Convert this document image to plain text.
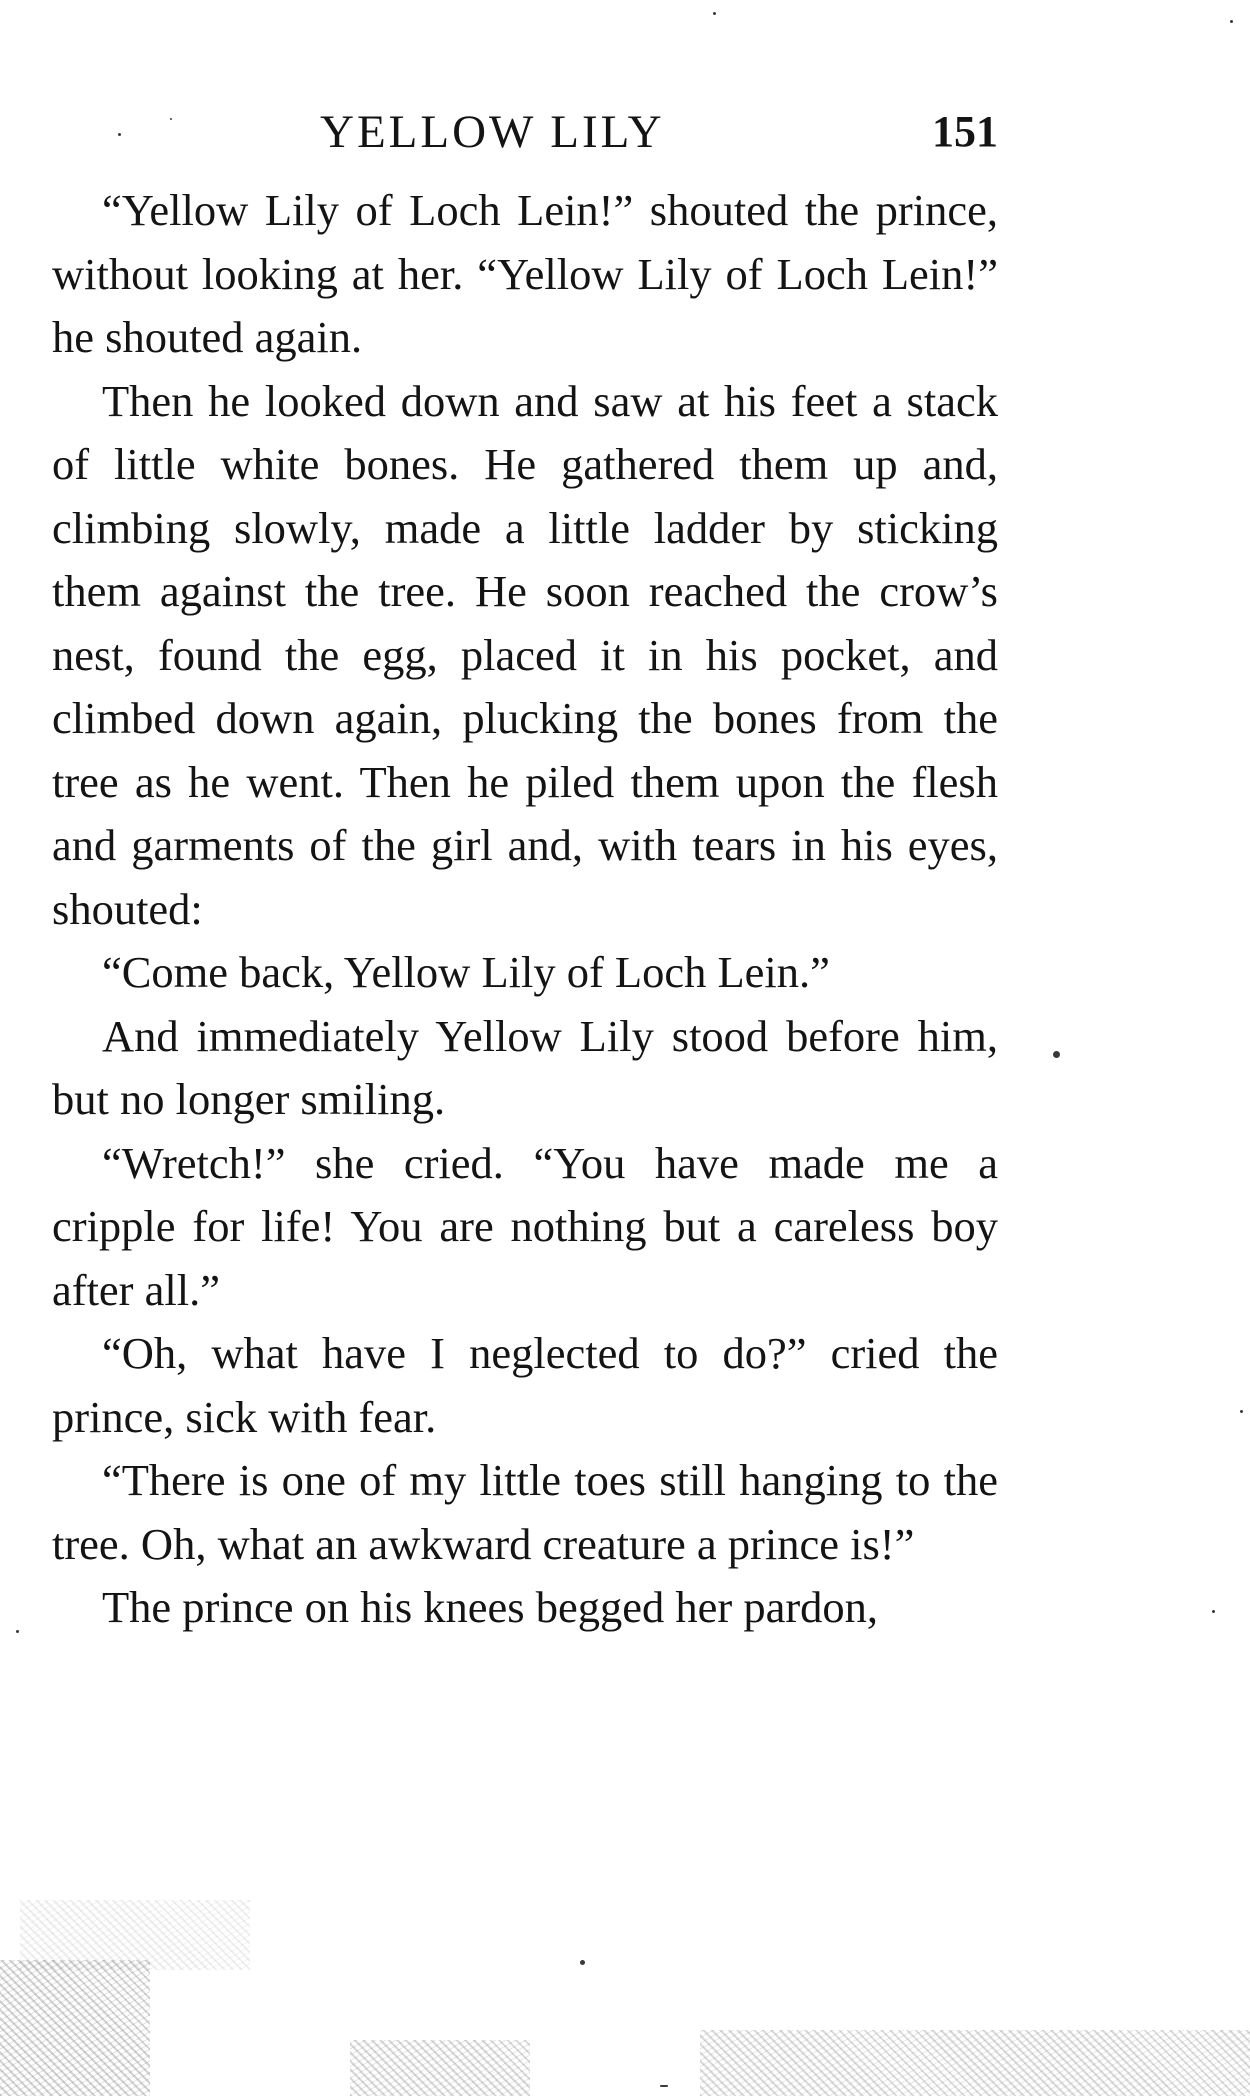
YELLOW LILY	151

“Yellow Lily of Loch Lein!” shouted the prince, without looking at her. “Yellow Lily of Loch Lein!” he shouted again.

Then he looked down and saw at his feet a stack of little white bones. He gathered them up and, climbing slowly, made a little ladder by sticking them against the tree. He soon reached the crow’s nest, found the egg, placed it in his pocket, and climbed down again, plucking the bones from the tree as he went. Then he piled them upon the flesh and garments of the girl and, with tears in his eyes, shouted:

“Come back, Yellow Lily of Loch Lein.”

And immediately Yellow Lily stood before him, but no longer smiling.

“Wretch!” she cried. “You have made me a cripple for life! You are nothing but a careless boy after all.”

“Oh, what have I neglected to do?” cried the prince, sick with fear.

“There is one of my little toes still hanging to the tree. Oh, what an awkward creature a prince is!”

The prince on his knees begged her pardon,
